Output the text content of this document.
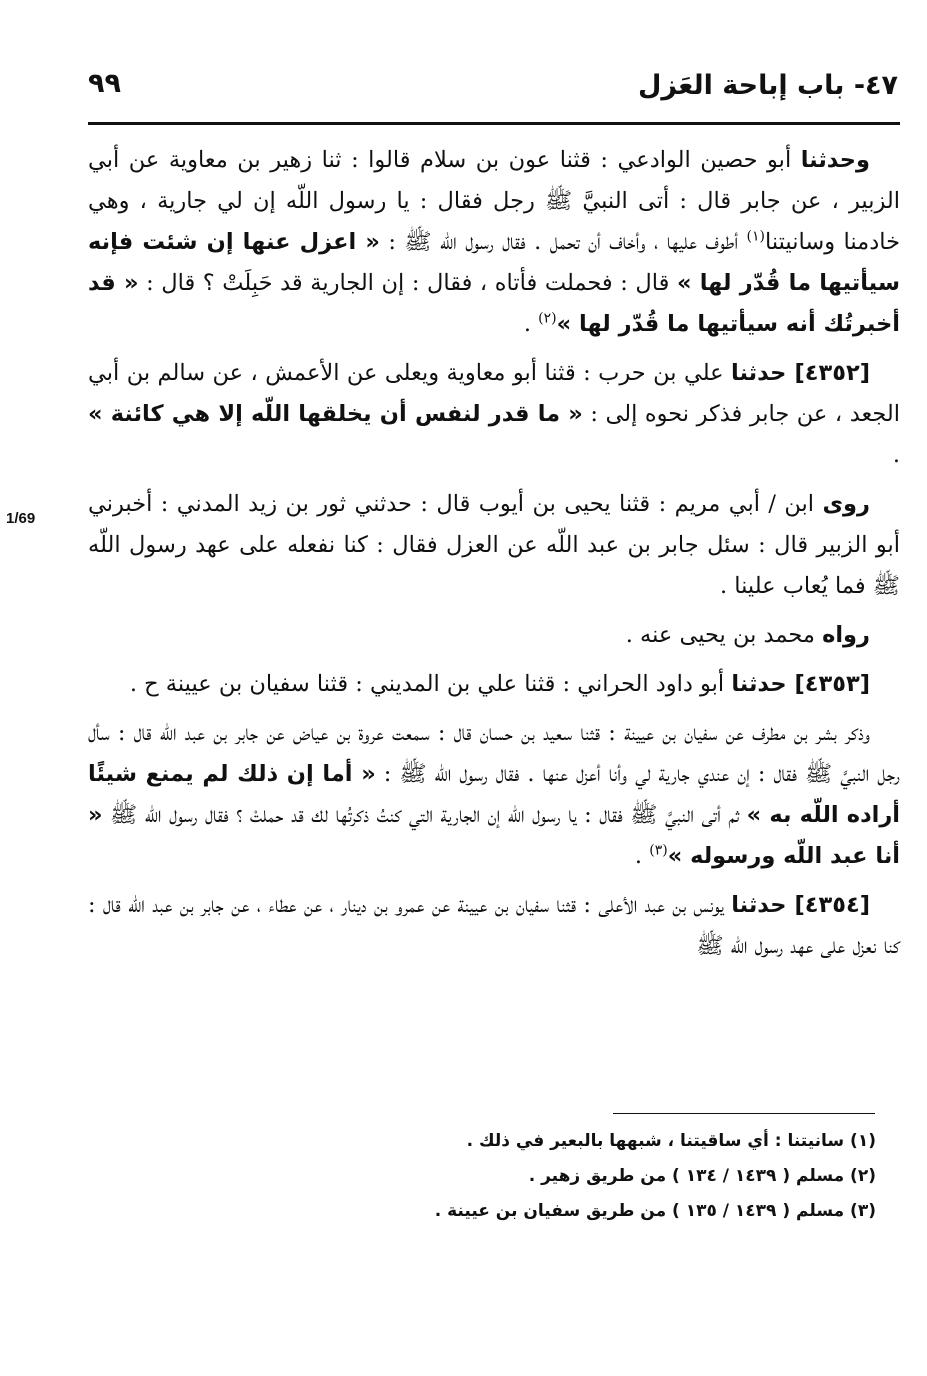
٤٧- باب إباحة العَزل
٩٩
1/69

وحدثنا أبو حصين الوادعي : قثنا عون بن سلام قالوا : ثنا زهير بن معاوية عن أبي الزبير ، عن جابر قال : أتى النبيَّ ﷺ رجل فقال : يا رسول اللّه إن لي جارية ، وهي خادمنا وسانيتنا$^{(١)}$ أطوف عليها ، وأخاف أن تحمل . فقال رسول اللّه ﷺ : « اعزل عنها إن شئت فإنه سيأتيها ما قُدّر لها » قال : فحملت فأتاه ، فقال : إن الجارية قد حَبِلَتْ ؟ قال : « قد أخبرتُك أنه سيأتيها ما قُدّر لها »$^{(٢)}$ .

[٤٣٥٢] حدثنا علي بن حرب : قثنا أبو معاوية ويعلى عن الأعمش ، عن سالم بن أبي الجعد ، عن جابر فذكر نحوه إلى : « ما قدر لنفس أن يخلقها اللّه إلا هي كائنة » .

روى ابن / أبي مريم : قثنا يحيى بن أيوب قال : حدثني ثور بن زيد المدني : أخبرني أبو الزبير قال : سئل جابر بن عبد اللّه عن العزل فقال : كنا نفعله على عهد رسول اللّه ﷺ فما يُعاب علينا .

رواه محمد بن يحيى عنه .

[٤٣٥٣] حدثنا أبو داود الحراني : قثنا علي بن المديني : قثنا سفيان بن عيينة ح .

وذكر بشر بن مطرف عن سفيان بن عيينة : قثنا سعيد بن حسان قال : سمعت عروة بن عياض عن جابر بن عبد اللّه قال : سأل رجل النبيَّ ﷺ فقال : إن عندي جارية لي وأنا أعزل عنها . فقال رسول اللّه ﷺ : « أما إن ذلك لم يمنع شيئًا أراده اللّه به » ثم أتى النبيَّ ﷺ فقال : يا رسول اللّه إن الجارية التي كنتُ ذكرتُها لك قد حملتْ ؟ فقال رسول اللّه ﷺ « أنا عبد اللّه ورسوله »$^{(٣)}$ .

[٤٣٥٤] حدثنا يونس بن عبد الأعلى : قثنا سفيان بن عيينة عن عمرو بن دينار ، عن عطاء ، عن جابر بن عبد اللّه قال : كنا نعزل على عهد رسول اللّه ﷺ

(١) سانيتنا : أي ساقيتنا ، شبهها بالبعير في ذلك .
(٢) مسلم ( ١٤٣٩ / ١٣٤ ) من طريق زهير .
(٣) مسلم ( ١٤٣٩ / ١٣٥ ) من طريق سفيان بن عيينة .
